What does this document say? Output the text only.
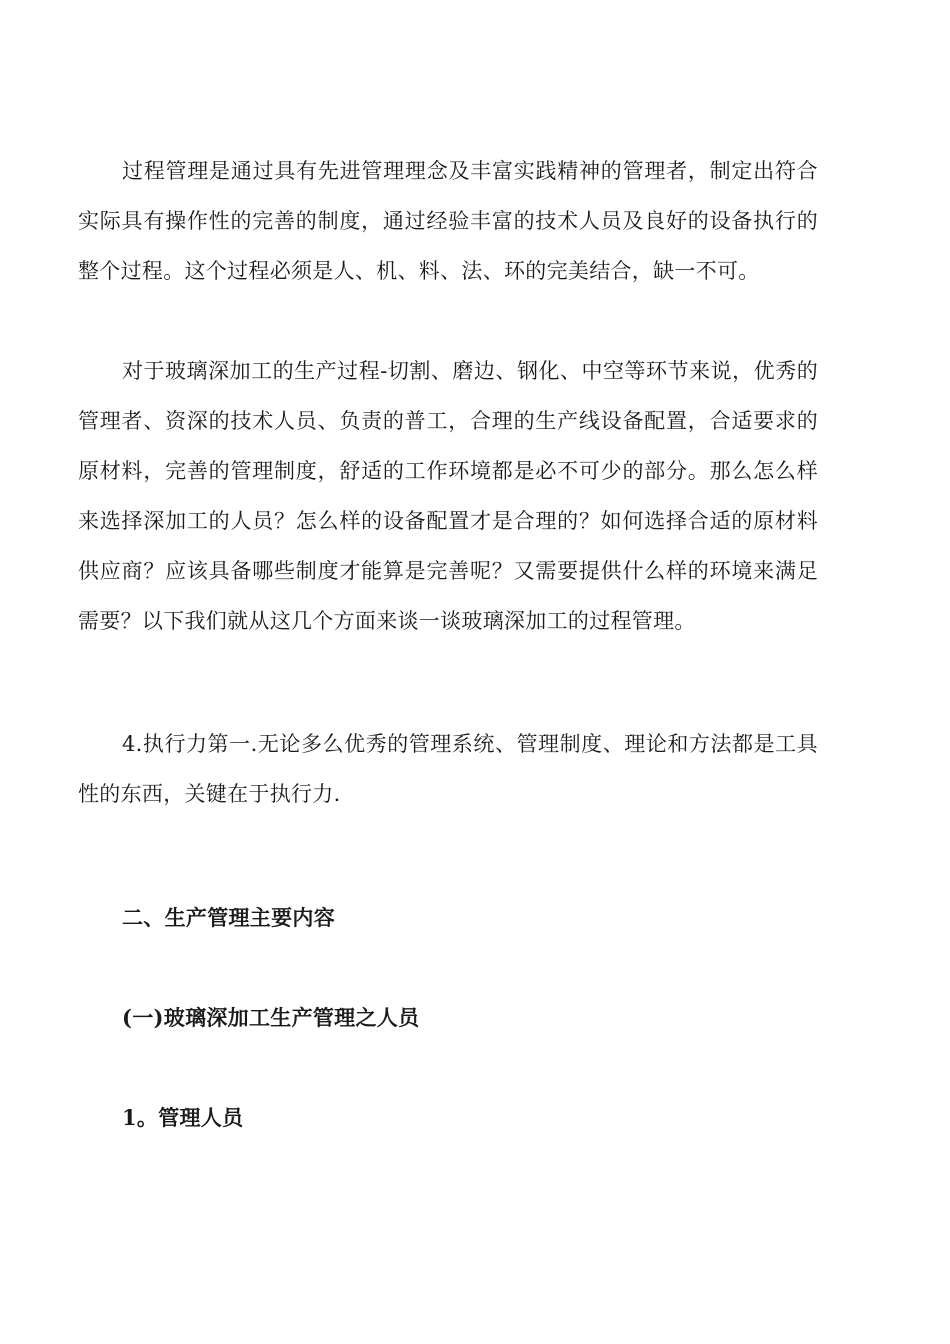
过程管理是通过具有先进管理理念及丰富实践精神的管理者，制定出符合实际具有操作性的完善的制度，通过经验丰富的技术人员及良好的设备执行的整个过程。这个过程必须是人、机、料、法、环的完美结合，缺一不可。

对于玻璃深加工的生产过程-切割、磨边、钢化、中空等环节来说，优秀的管理者、资深的技术人员、负责的普工，合理的生产线设备配置，合适要求的原材料，完善的管理制度，舒适的工作环境都是必不可少的部分。那么怎么样来选择深加工的人员？怎么样的设备配置才是合理的？如何选择合适的原材料供应商？应该具备哪些制度才能算是完善呢？又需要提供什么样的环境来满足需要？以下我们就从这几个方面来谈一谈玻璃深加工的过程管理。

4.执行力第一.无论多么优秀的管理系统、管理制度、理论和方法都是工具性的东西，关键在于执行力.

二、生产管理主要内容
(一)玻璃深加工生产管理之人员
1。管理人员
